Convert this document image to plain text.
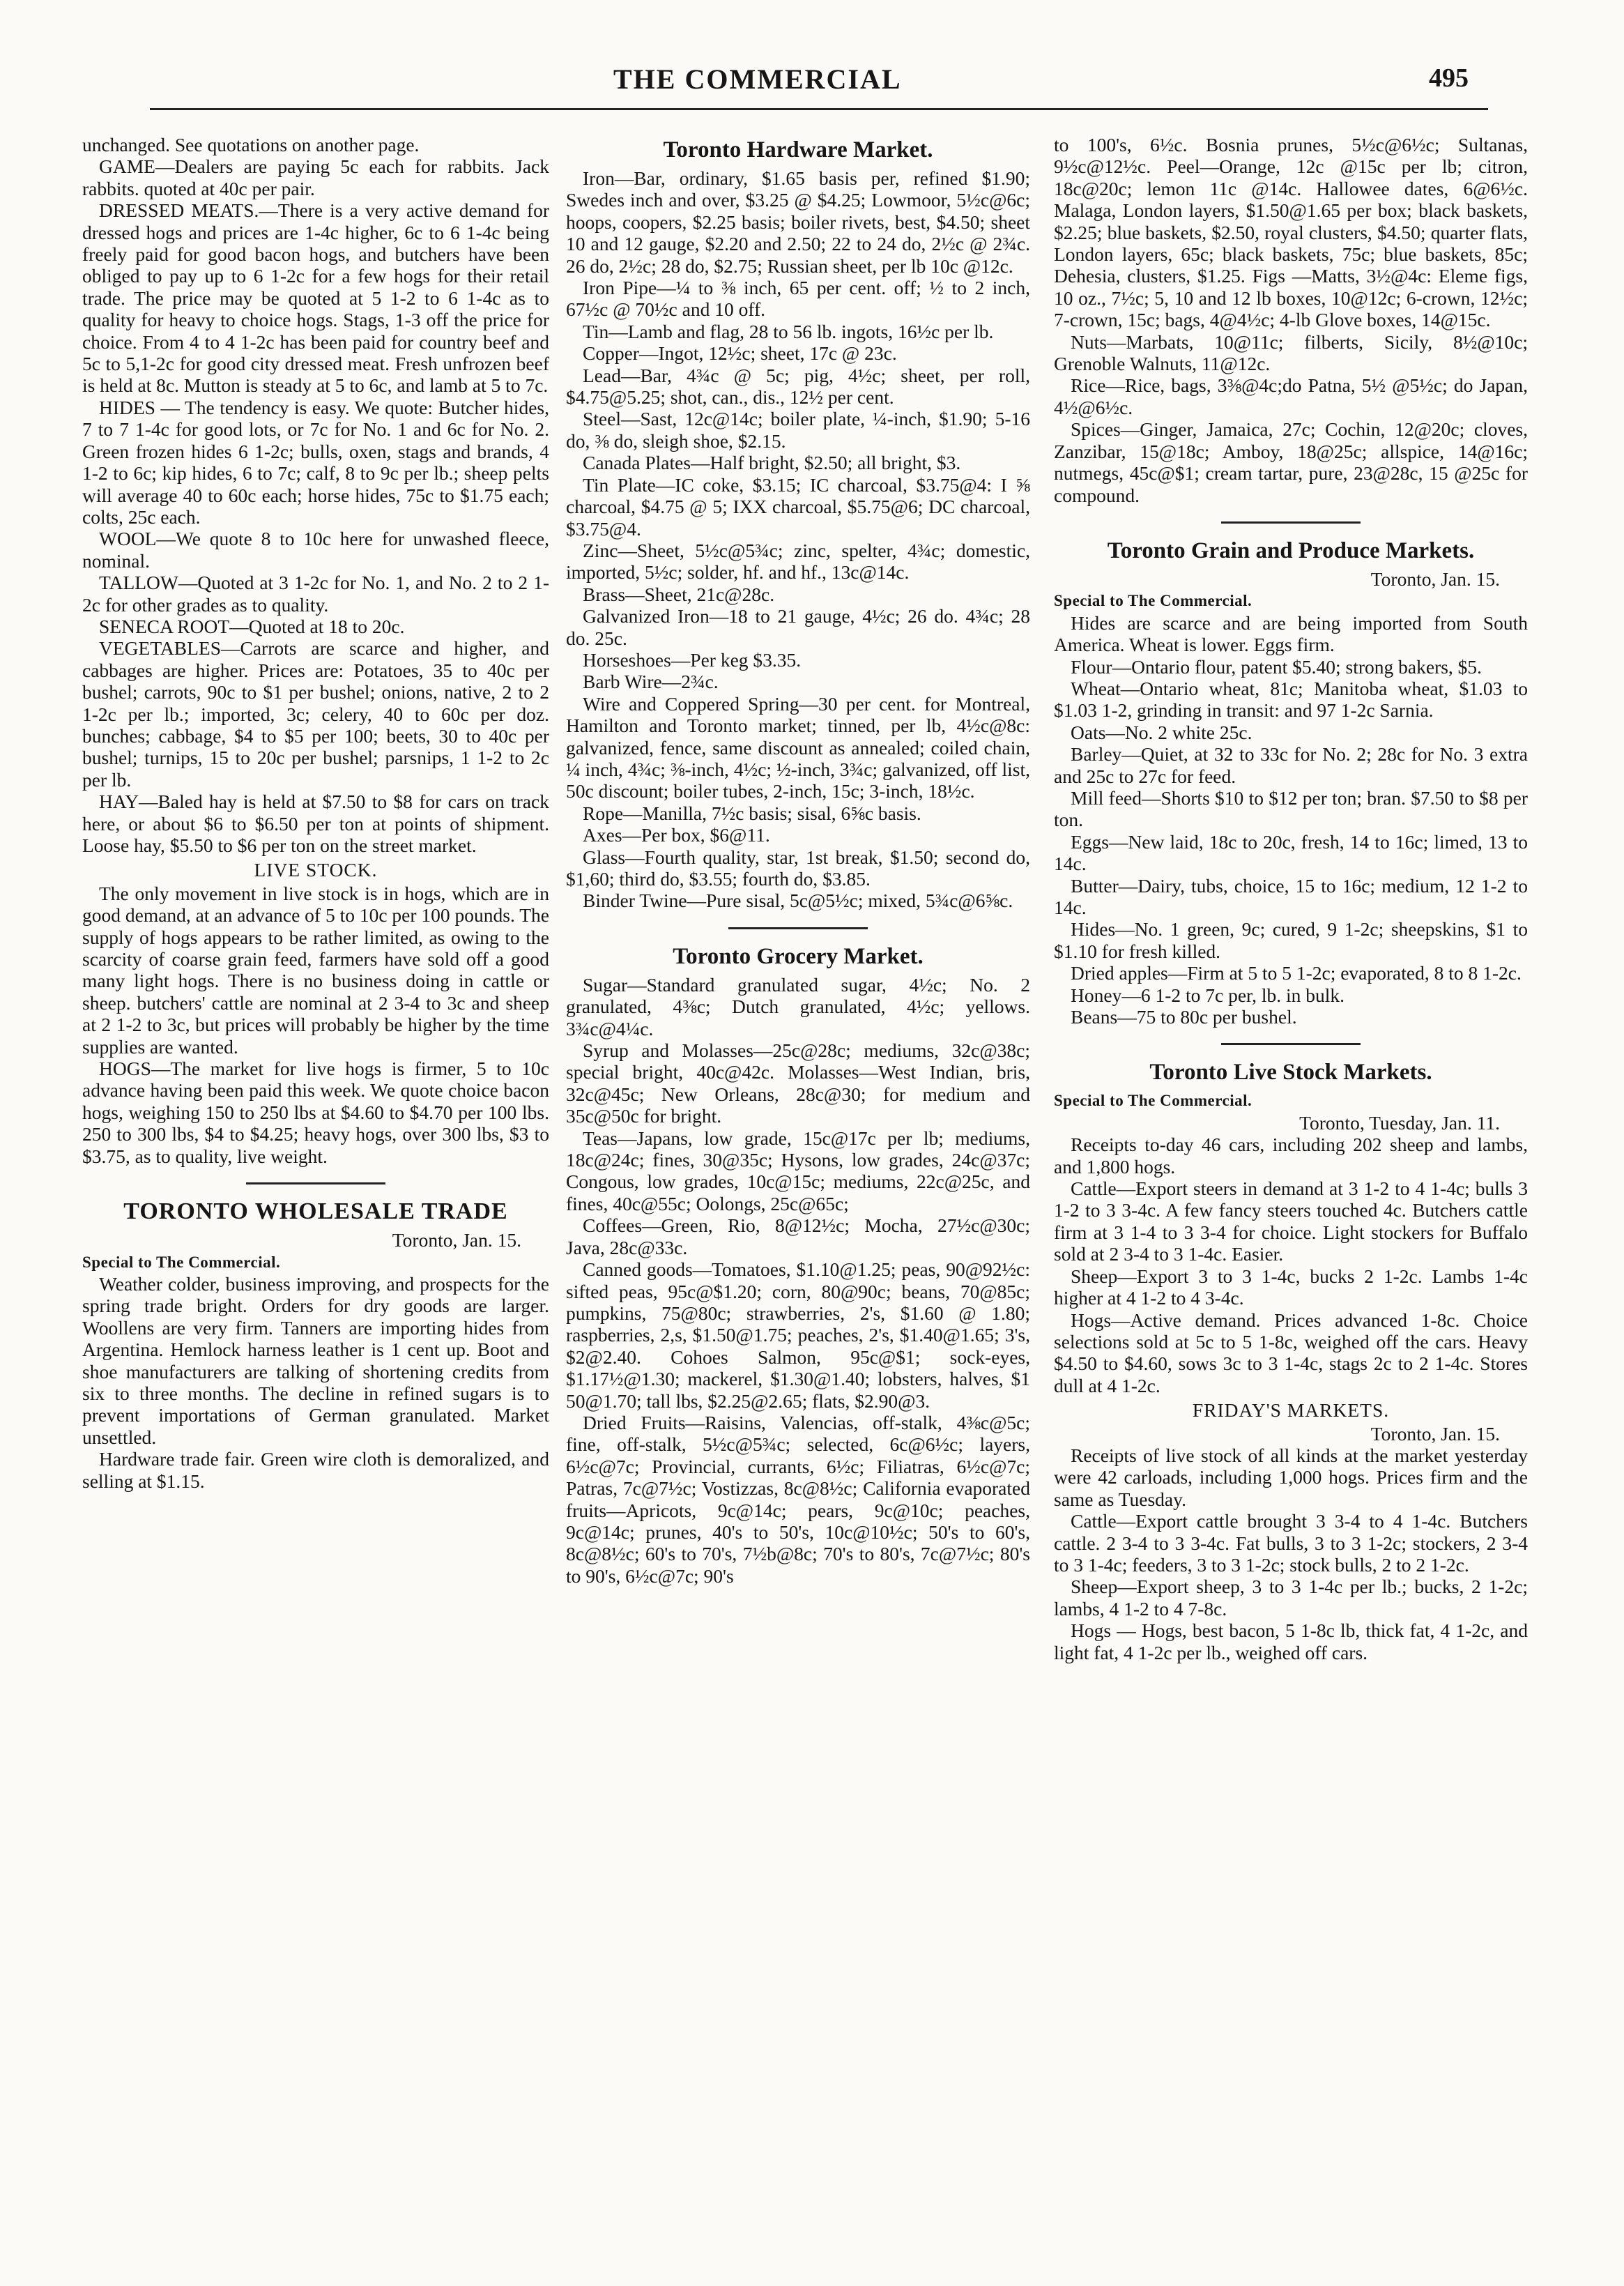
THE COMMERCIAL	495

unchanged. See quotations on another page.

GAME—Dealers are paying 5c each for rabbits. Jack rabbits. quoted at 40c per pair.

DRESSED MEATS.—There is a very active demand for dressed hogs and prices are 1-4c higher, 6c to 6 1-4c being freely paid for good bacon hogs, and butchers have been obliged to pay up to 6 1-2c for a few hogs for their retail trade. The price may be quoted at 5 1-2 to 6 1-4c as to quality for heavy to choice hogs. Stags, 1-3 off the price for choice. From 4 to 4 1-2c has been paid for country beef and 5c to 5,1-2c for good city dressed meat. Fresh unfrozen beef is held at 8c. Mutton is steady at 5 to 6c, and lamb at 5 to 7c.

HIDES — The tendency is easy. We quote: Butcher hides, 7 to 7 1-4c for good lots, or 7c for No. 1 and 6c for No. 2. Green frozen hides 6 1-2c; bulls, oxen, stags and brands, 4 1-2 to 6c; kip hides, 6 to 7c; calf, 8 to 9c per lb.; sheep pelts will average 40 to 60c each; horse hides, 75c to $1.75 each; colts, 25c each.

WOOL—We quote 8 to 10c here for unwashed fleece, nominal.

TALLOW—Quoted at 3 1-2c for No. 1, and No. 2 to 2 1-2c for other grades as to quality.

SENECA ROOT—Quoted at 18 to 20c.

VEGETABLES—Carrots are scarce and higher, and cabbages are higher. Prices are: Potatoes, 35 to 40c per bushel; carrots, 90c to $1 per bushel; onions, native, 2 to 2 1-2c per lb.; imported, 3c; celery, 40 to 60c per doz. bunches; cabbage, $4 to $5 per 100; beets, 30 to 40c per bushel; turnips, 15 to 20c per bushel; parsnips, 1 1-2 to 2c per lb.

HAY—Baled hay is held at $7.50 to $8 for cars on track here, or about $6 to $6.50 per ton at points of shipment. Loose hay, $5.50 to $6 per ton on the street market.

LIVE STOCK.

The only movement in live stock is in hogs, which are in good demand, at an advance of 5 to 10c per 100 pounds. The supply of hogs appears to be rather limited, as owing to the scarcity of coarse grain feed, farmers have sold off a good many light hogs. There is no business doing in cattle or sheep. butchers' cattle are nominal at 2 3-4 to 3c and sheep at 2 1-2 to 3c, but prices will probably be higher by the time supplies are wanted.

HOGS—The market for live hogs is firmer, 5 to 10c advance having been paid this week. We quote choice bacon hogs, weighing 150 to 250 lbs at $4.60 to $4.70 per 100 lbs. 250 to 300 lbs, $4 to $4.25; heavy hogs, over 300 lbs, $3 to $3.75, as to quality, live weight.

TORONTO WHOLESALE TRADE
Toronto, Jan. 15.
Special to The Commercial.

Weather colder, business improving, and prospects for the spring trade bright. Orders for dry goods are larger. Woollens are very firm. Tanners are importing hides from Argentina. Hemlock harness leather is 1 cent up. Boot and shoe manufacturers are talking of shortening credits from six to three months. The decline in refined sugars is to prevent importations of German granulated. Market unsettled.

Hardware trade fair. Green wire cloth is demoralized, and selling at $1.15.

Toronto Hardware Market.

Iron—Bar, ordinary, $1.65 basis per, refined $1.90; Swedes inch and over, $3.25 @ $4.25; Lowmoor, 5½c@6c; hoops, coopers, $2.25 basis; boiler rivets, best, $4.50; sheet 10 and 12 gauge, $2.20 and 2.50; 22 to 24 do, 2½c @ 2¾c. 26 do, 2½c; 28 do, $2.75; Russian sheet, per lb 10c @12c.

Iron Pipe—¼ to ⅜ inch, 65 per cent. off; ½ to 2 inch, 67½c @ 70½c and 10 off.

Tin—Lamb and flag, 28 to 56 lb. ingots, 16½c per lb.

Copper—Ingot, 12½c; sheet, 17c @ 23c.

Lead—Bar, 4¾c @ 5c; pig, 4½c; sheet, per roll, $4.75@5.25; shot, can., dis., 12½ per cent.

Steel—Sast, 12c@14c; boiler plate, ¼-inch, $1.90; 5-16 do, ⅜ do, sleigh shoe, $2.15.

Canada Plates—Half bright, $2.50; all bright, $3.

Tin Plate—IC coke, $3.15; IC charcoal, $3.75@4: I ⅝ charcoal, $4.75 @ 5; IXX charcoal, $5.75@6; DC charcoal, $3.75@4.

Zinc—Sheet, 5½c@5¾c; zinc, spelter, 4¾c; domestic, imported, 5½c; solder, hf. and hf., 13c@14c.

Brass—Sheet, 21c@28c.

Galvanized Iron—18 to 21 gauge, 4½c; 26 do. 4¾c; 28 do. 25c.

Horseshoes—Per keg $3.35.

Barb Wire—2¾c.

Wire and Coppered Spring—30 per cent. for Montreal, Hamilton and Toronto market; tinned, per lb, 4½c@8c: galvanized, fence, same discount as annealed; coiled chain, ¼ inch, 4¾c; ⅜-inch, 4½c; ½-inch, 3¾c; galvanized, off list, 50c discount; boiler tubes, 2-inch, 15c; 3-inch, 18½c.

Rope—Manilla, 7½c basis; sisal, 6⅝c basis.

Axes—Per box, $6@11.

Glass—Fourth quality, star, 1st break, $1.50; second do, $1,60; third do, $3.55; fourth do, $3.85.

Binder Twine—Pure sisal, 5c@5½c; mixed, 5¾c@6⅝c.

Toronto Grocery Market.

Sugar—Standard granulated sugar, 4½c; No. 2 granulated, 4⅜c; Dutch granulated, 4½c; yellows. 3¾c@4¼c.

Syrup and Molasses—25c@28c; mediums, 32c@38c; special bright, 40c@42c. Molasses—West Indian, bris, 32c@45c; New Orleans, 28c@30; for medium and 35c@50c for bright.

Teas—Japans, low grade, 15c@17c per lb; mediums, 18c@24c; fines, 30@35c; Hysons, low grades, 24c@37c; Congous, low grades, 10c@15c; mediums, 22c@25c, and fines, 40c@55c; Oolongs, 25c@65c;

Coffees—Green, Rio, 8@12½c; Mocha, 27½c@30c; Java, 28c@33c.

Canned goods—Tomatoes, $1.10@1.25; peas, 90@92½c: sifted peas, 95c@$1.20; corn, 80@90c; beans, 70@85c; pumpkins, 75@80c; strawberries, 2's, $1.60 @ 1.80; raspberries, 2,s, $1.50@1.75; peaches, 2's, $1.40@1.65; 3's, $2@2.40. Cohoes Salmon, 95c@$1; sock-eyes, $1.17½@1.30; mackerel, $1.30@1.40; lobsters, halves, $1 50@1.70; tall lbs, $2.25@2.65; flats, $2.90@3.

Dried Fruits—Raisins, Valencias, off-stalk, 4⅜c@5c; fine, off-stalk, 5½c@5¾c; selected, 6c@6½c; layers, 6½c@7c; Provincial, currants, 6½c; Filiatras, 6½c@7c; Patras, 7c@7½c; Vostizzas, 8c@8½c; California evaporated fruits—Apricots, 9c@14c; pears, 9c@10c; peaches, 9c@14c; prunes, 40's to 50's, 10c@10½c; 50's to 60's, 8c@8½c; 60's to 70's, 7½b@8c; 70's to 80's, 7c@7½c; 80's to 90's, 6½c@7c; 90's

to 100's, 6½c. Bosnia prunes, 5½c@6½c; Sultanas, 9½c@12½c. Peel—Orange, 12c @15c per lb; citron, 18c@20c; lemon 11c @14c. Hallowee dates, 6@6½c. Malaga, London layers, $1.50@1.65 per box; black baskets, $2.25; blue baskets, $2.50, royal clusters, $4.50; quarter flats, London layers, 65c; black baskets, 75c; blue baskets, 85c; Dehesia, clusters, $1.25. Figs —Matts, 3½@4c: Eleme figs, 10 oz., 7½c; 5, 10 and 12 lb boxes, 10@12c; 6-crown, 12½c; 7-crown, 15c; bags, 4@4½c; 4-lb Glove boxes, 14@15c.

Nuts—Marbats, 10@11c; filberts, Sicily, 8½@10c; Grenoble Walnuts, 11@12c.

Rice—Rice, bags, 3⅜@4c;do Patna, 5½ @5½c; do Japan, 4½@6½c.

Spices—Ginger, Jamaica, 27c; Cochin, 12@20c; cloves, Zanzibar, 15@18c; Amboy, 18@25c; allspice, 14@16c; nutmegs, 45c@$1; cream tartar, pure, 23@28c, 15 @25c for compound.

Toronto Grain and Produce Markets.
Toronto, Jan. 15.
Special to The Commercial.

Hides are scarce and are being imported from South America. Wheat is lower. Eggs firm.

Flour—Ontario flour, patent $5.40; strong bakers, $5.

Wheat—Ontario wheat, 81c; Manitoba wheat, $1.03 to $1.03 1-2, grinding in transit: and 97 1-2c Sarnia.

Oats—No. 2 white 25c.

Barley—Quiet, at 32 to 33c for No. 2; 28c for No. 3 extra and 25c to 27c for feed.

Mill feed—Shorts $10 to $12 per ton; bran. $7.50 to $8 per ton.

Eggs—New laid, 18c to 20c, fresh, 14 to 16c; limed, 13 to 14c.

Butter—Dairy, tubs, choice, 15 to 16c; medium, 12 1-2 to 14c.

Hides—No. 1 green, 9c; cured, 9 1-2c; sheepskins, $1 to $1.10 for fresh killed.

Dried apples—Firm at 5 to 5 1-2c; evaporated, 8 to 8 1-2c.

Honey—6 1-2 to 7c per, lb. in bulk.

Beans—75 to 80c per bushel.

Toronto Live Stock Markets.
Special to The Commercial.
Toronto, Tuesday, Jan. 11.

Receipts to-day 46 cars, including 202 sheep and lambs, and 1,800 hogs.

Cattle—Export steers in demand at 3 1-2 to 4 1-4c; bulls 3 1-2 to 3 3-4c. A few fancy steers touched 4c. Butchers cattle firm at 3 1-4 to 3 3-4 for choice. Light stockers for Buffalo sold at 2 3-4 to 3 1-4c. Easier.

Sheep—Export 3 to 3 1-4c, bucks 2 1-2c. Lambs 1-4c higher at 4 1-2 to 4 3-4c.

Hogs—Active demand. Prices advanced 1-8c. Choice selections sold at 5c to 5 1-8c, weighed off the cars. Heavy $4.50 to $4.60, sows 3c to 3 1-4c, stags 2c to 2 1-4c. Stores dull at 4 1-2c.

FRIDAY'S MARKETS.
Toronto, Jan. 15.

Receipts of live stock of all kinds at the market yesterday were 42 carloads, including 1,000 hogs. Prices firm and the same as Tuesday.

Cattle—Export cattle brought 3 3-4 to 4 1-4c. Butchers cattle. 2 3-4 to 3 3-4c. Fat bulls, 3 to 3 1-2c; stockers, 2 3-4 to 3 1-4c; feeders, 3 to 3 1-2c; stock bulls, 2 to 2 1-2c.

Sheep—Export sheep, 3 to 3 1-4c per lb.; bucks, 2 1-2c; lambs, 4 1-2 to 4 7-8c.

Hogs — Hogs, best bacon, 5 1-8c lb, thick fat, 4 1-2c, and light fat, 4 1-2c per lb., weighed off cars.
